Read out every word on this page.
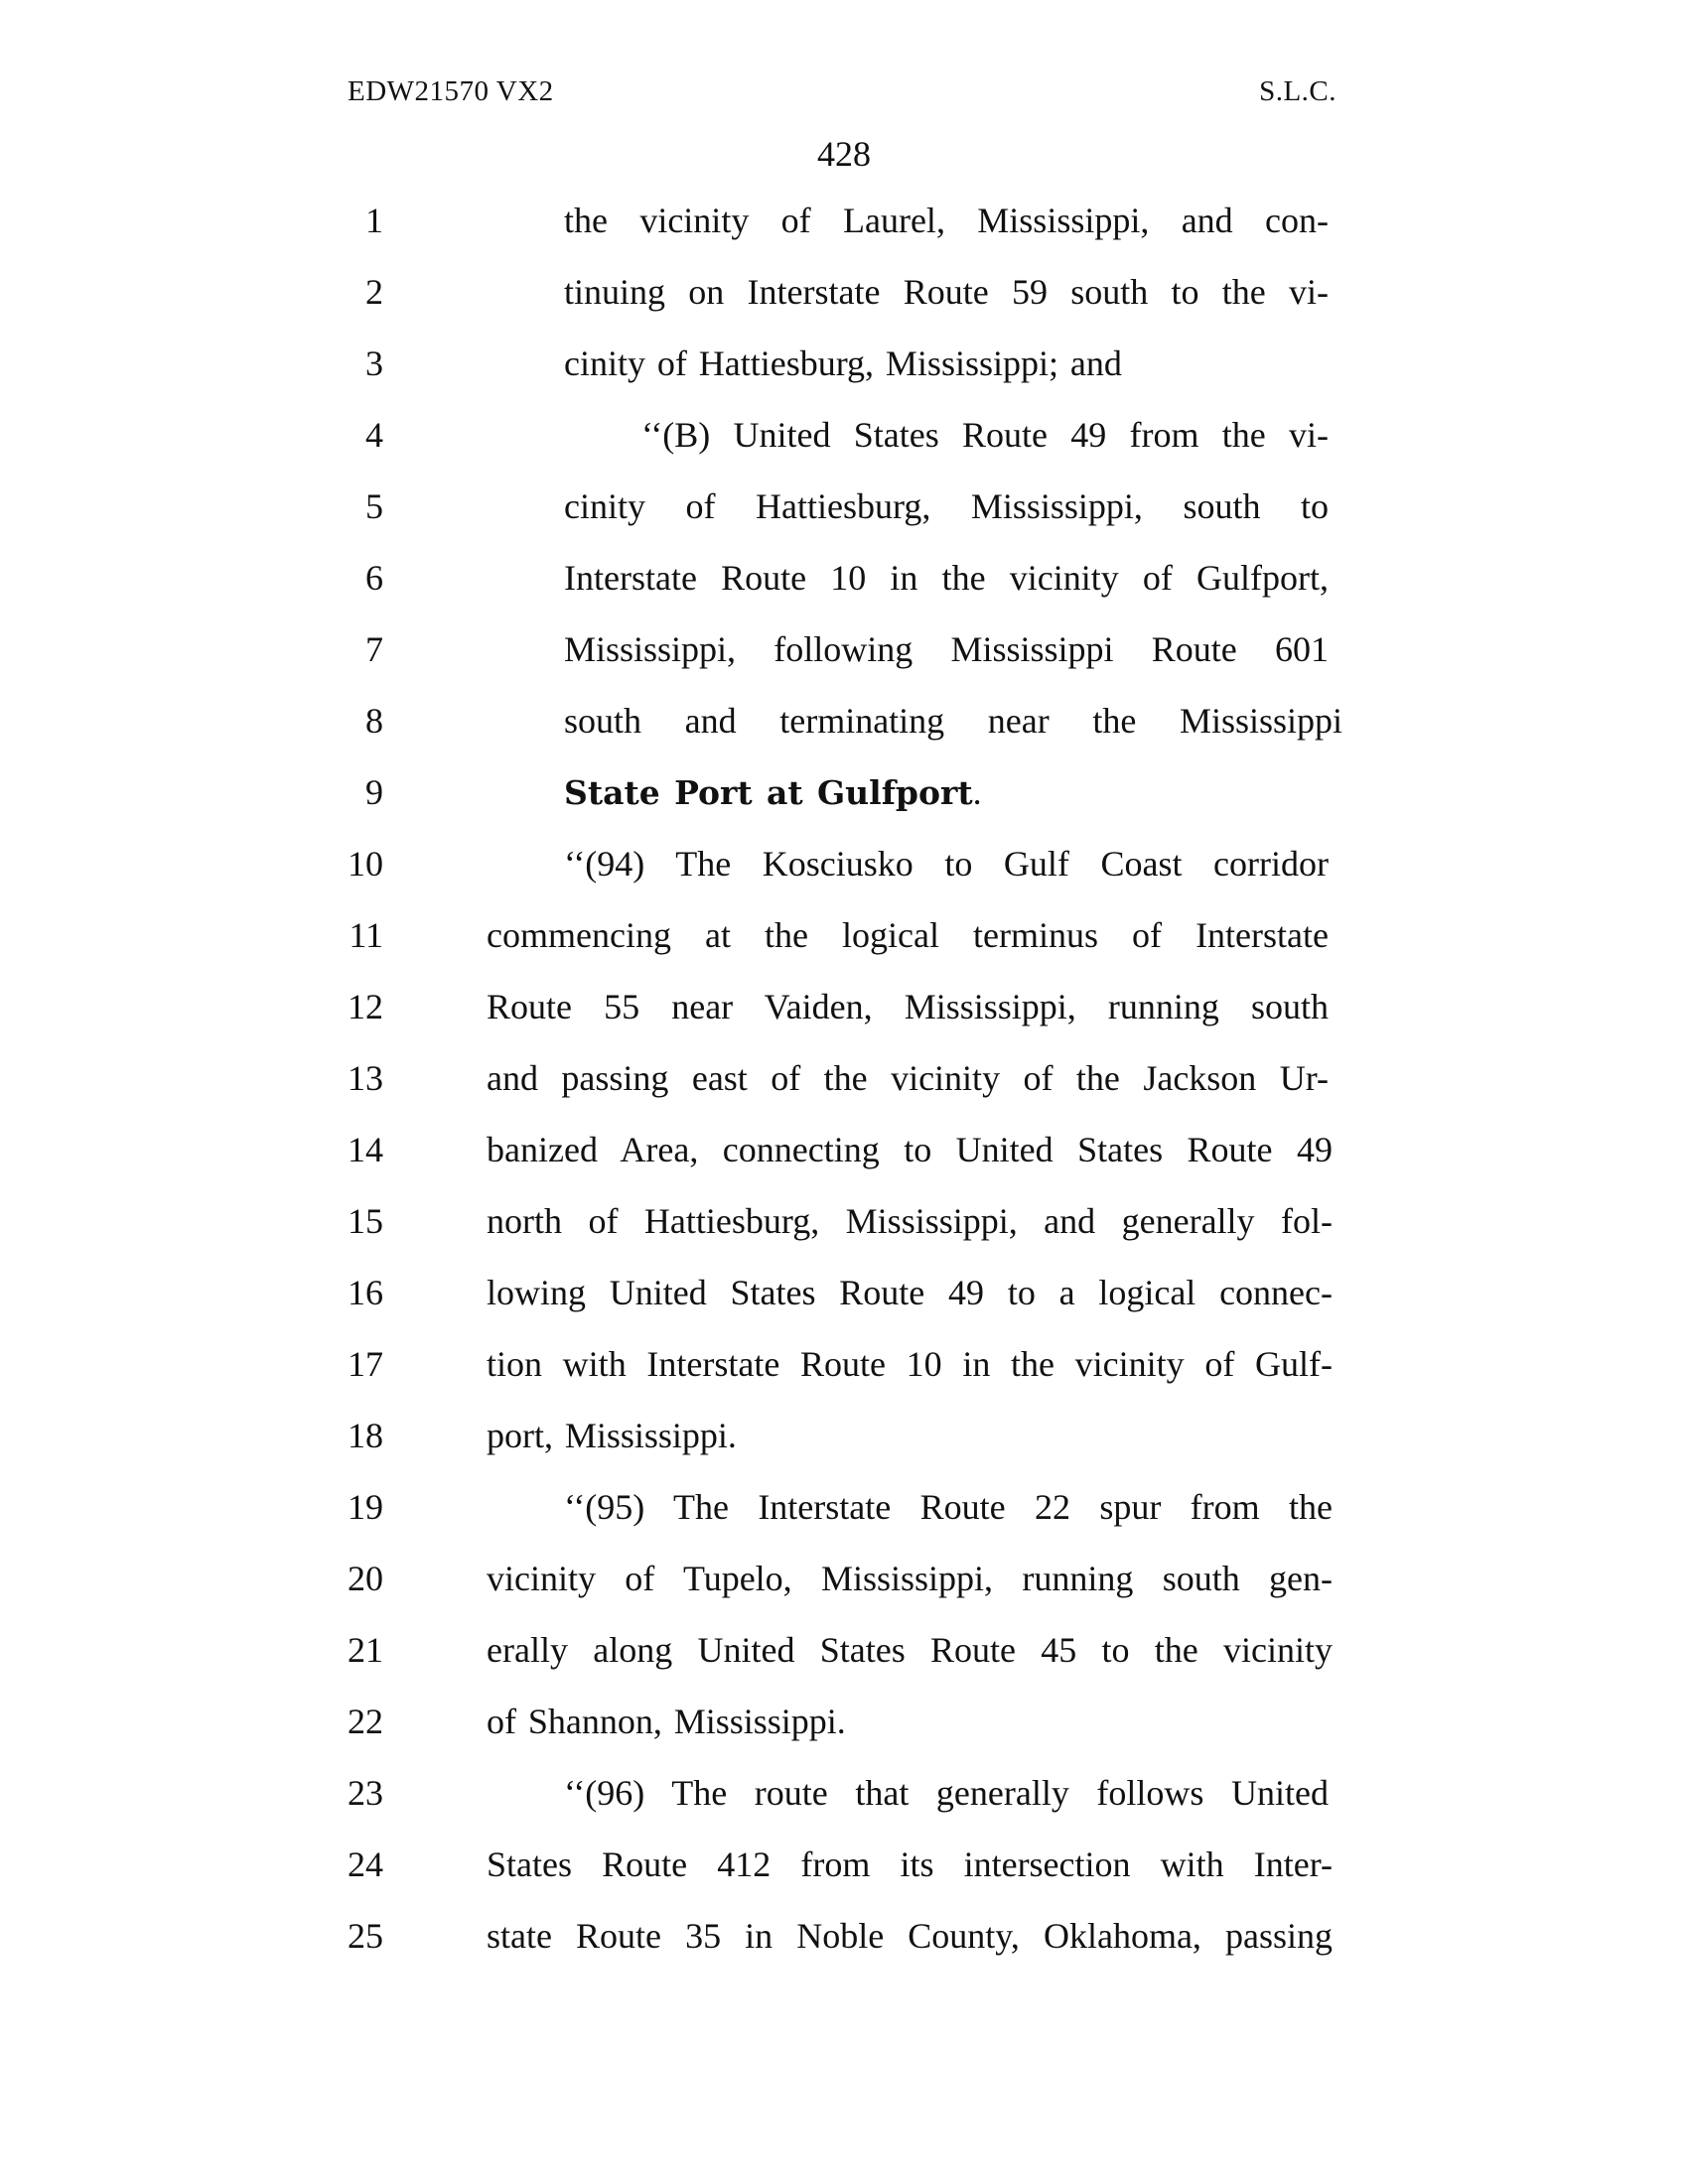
EDW21570 VX2	S.L.C.
428
1	the vicinity of Laurel, Mississippi, and con-
2	tinuing on Interstate Route 59 south to the vi-
3	cinity of Hattiesburg, Mississippi; and
4	‘‘(B) United States Route 49 from the vi-
5	cinity of Hattiesburg, Mississippi, south to
6	Interstate Route 10 in the vicinity of Gulfport,
7	Mississippi, following Mississippi Route 601
8	south and terminating near the Mississippi
9	State Port at Gulfport.
10	‘‘(94) The Kosciusko to Gulf Coast corridor
11	commencing at the logical terminus of Interstate
12	Route 55 near Vaiden, Mississippi, running south
13	and passing east of the vicinity of the Jackson Ur-
14	banized Area, connecting to United States Route 49
15	north of Hattiesburg, Mississippi, and generally fol-
16	lowing United States Route 49 to a logical connec-
17	tion with Interstate Route 10 in the vicinity of Gulf-
18	port, Mississippi.
19	‘‘(95) The Interstate Route 22 spur from the
20	vicinity of Tupelo, Mississippi, running south gen-
21	erally along United States Route 45 to the vicinity
22	of Shannon, Mississippi.
23	‘‘(96) The route that generally follows United
24	States Route 412 from its intersection with Inter-
25	state Route 35 in Noble County, Oklahoma, passing
